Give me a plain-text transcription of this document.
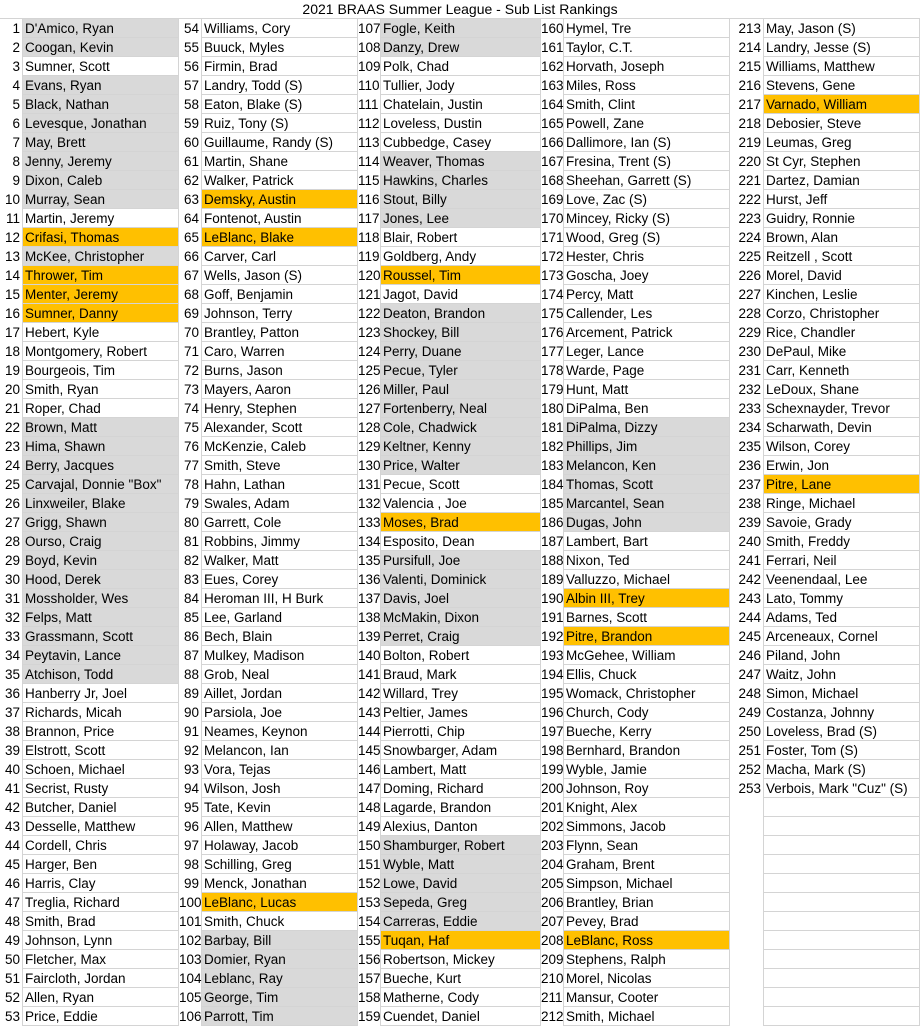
2021 BRAAS Summer League - Sub List Rankings
1 D'Amico, Ryan
2 Coogan, Kevin
3 Sumner, Scott
4 Evans, Ryan
5 Black, Nathan
6 Levesque, Jonathan
7 May, Brett
8 Jenny, Jeremy
9 Dixon, Caleb
10 Murray, Sean
11 Martin, Jeremy
12 Crifasi, Thomas
13 McKee, Christopher
14 Thrower, Tim
15 Menter, Jeremy
16 Sumner, Danny
17 Hebert, Kyle
18 Montgomery, Robert
19 Bourgeois, Tim
20 Smith, Ryan
21 Roper, Chad
22 Brown, Matt
23 Hima, Shawn
24 Berry, Jacques
25 Carvajal, Donnie "Box"
26 Linxweiler, Blake
27 Grigg, Shawn
28 Ourso, Craig
29 Boyd, Kevin
30 Hood, Derek
31 Mossholder, Wes
32 Felps, Matt
33 Grassmann, Scott
34 Peytavin, Lance
35 Atchison, Todd
36 Hanberry Jr, Joel
37 Richards, Micah
38 Brannon, Price
39 Elstrott, Scott
40 Schoen, Michael
41 Secrist, Rusty
42 Butcher, Daniel
43 Desselle, Matthew
44 Cordell, Chris
45 Harger, Ben
46 Harris, Clay
47 Treglia, Richard
48 Smith, Brad
49 Johnson, Lynn
50 Fletcher, Max
51 Faircloth, Jordan
52 Allen, Ryan
53 Price, Eddie
54 Williams, Cory
55 Buuck, Myles
56 Firmin, Brad
57 Landry, Todd (S)
58 Eaton, Blake (S)
59 Ruiz, Tony (S)
60 Guillaume, Randy (S)
61 Martin, Shane
62 Walker, Patrick
63 Demsky, Austin
64 Fontenot, Austin
65 LeBlanc, Blake
66 Carver, Carl
67 Wells, Jason (S)
68 Goff, Benjamin
69 Johnson, Terry
70 Brantley, Patton
71 Caro, Warren
72 Burns, Jason
73 Mayers, Aaron
74 Henry, Stephen
75 Alexander, Scott
76 McKenzie, Caleb
77 Smith, Steve
78 Hahn, Lathan
79 Swales, Adam
80 Garrett, Cole
81 Robbins, Jimmy
82 Walker, Matt
83 Eues, Corey
84 Heroman III, H Burk
85 Lee, Garland
86 Bech, Blain
87 Mulkey, Madison
88 Grob, Neal
89 Aillet, Jordan
90 Parsiola, Joe
91 Neames, Keynon
92 Melancon, Ian
93 Vora, Tejas
94 Wilson, Josh
95 Tate, Kevin
96 Allen, Matthew
97 Holaway, Jacob
98 Schilling, Greg
99 Menck, Jonathan
100 LeBlanc, Lucas
101 Smith, Chuck
102 Barbay, Bill
103 Domier, Ryan
104 Leblanc, Ray
105 George, Tim
106 Parrott, Tim
107 Fogle, Keith
108 Danzy, Drew
109 Polk, Chad
110 Tullier, Jody
111 Chatelain, Justin
112 Loveless, Dustin
113 Cubbedge, Casey
114 Weaver, Thomas
115 Hawkins, Charles
116 Stout, Billy
117 Jones, Lee
118 Blair, Robert
119 Goldberg, Andy
120 Roussel, Tim
121 Jagot, David
122 Deaton, Brandon
123 Shockey, Bill
124 Perry, Duane
125 Pecue, Tyler
126 Miller, Paul
127 Fortenberry, Neal
128 Cole, Chadwick
129 Keltner, Kenny
130 Price, Walter
131 Pecue, Scott
132 Valencia , Joe
133 Moses, Brad
134 Esposito, Dean
135 Pursifull, Joe
136 Valenti, Dominick
137 Davis, Joel
138 McMakin, Dixon
139 Perret, Craig
140 Bolton, Robert
141 Braud, Mark
142 Willard, Trey
143 Peltier, James
144 Pierrotti, Chip
145 Snowbarger, Adam
146 Lambert, Matt
147 Doming, Richard
148 Lagarde, Brandon
149 Alexius, Danton
150 Shamburger, Robert
151 Wyble, Matt
152 Lowe, David
153 Sepeda, Greg
154 Carreras, Eddie
155 Tuqan, Haf
156 Robertson, Mickey
157 Bueche, Kurt
158 Matherne, Cody
159 Cuendet, Daniel
160 Hymel, Tre
161 Taylor, C.T.
162 Horvath, Joseph
163 Miles, Ross
164 Smith, Clint
165 Powell, Zane
166 Dallimore, Ian (S)
167 Fresina, Trent (S)
168 Sheehan, Garrett (S)
169 Love, Zac (S)
170 Mincey, Ricky (S)
171 Wood, Greg (S)
172 Hester, Chris
173 Goscha, Joey
174 Percy, Matt
175 Callender, Les
176 Arcement, Patrick
177 Leger, Lance
178 Warde, Page
179 Hunt, Matt
180 DiPalma, Ben
181 DiPalma, Dizzy
182 Phillips, Jim
183 Melancon, Ken
184 Thomas, Scott
185 Marcantel, Sean
186 Dugas, John
187 Lambert, Bart
188 Nixon, Ted
189 Valluzzo, Michael
190 Albin III, Trey
191 Barnes, Scott
192 Pitre, Brandon
193 McGehee, William
194 Ellis, Chuck
195 Womack, Christopher
196 Church, Cody
197 Bueche, Kerry
198 Bernhard, Brandon
199 Wyble, Jamie
200 Johnson, Roy
201 Knight, Alex
202 Simmons, Jacob
203 Flynn, Sean
204 Graham, Brent
205 Simpson, Michael
206 Brantley, Brian
207 Pevey, Brad
208 LeBlanc, Ross
209 Stephens, Ralph
210 Morel, Nicolas
211 Mansur, Cooter
212 Smith, Michael
213 May, Jason (S)
214 Landry, Jesse (S)
215 Williams, Matthew
216 Stevens, Gene
217 Varnado, William
218 Debosier, Steve
219 Leumas, Greg
220 St Cyr, Stephen
221 Dartez, Damian
222 Hurst, Jeff
223 Guidry, Ronnie
224 Brown, Alan
225 Reitzell , Scott
226 Morel, David
227 Kinchen, Leslie
228 Corzo, Christopher
229 Rice, Chandler
230 DePaul, Mike
231 Carr, Kenneth
232 LeDoux, Shane
233 Schexnayder, Trevor
234 Scharwath, Devin
235 Wilson, Corey
236 Erwin, Jon
237 Pitre, Lane
238 Ringe, Michael
239 Savoie, Grady
240 Smith, Freddy
241 Ferrari, Neil
242 Veenendaal, Lee
243 Lato, Tommy
244 Adams, Ted
245 Arceneaux, Cornel
246 Piland, John
247 Waitz, John
248 Simon, Michael
249 Costanza, Johnny
250 Loveless, Brad (S)
251 Foster, Tom (S)
252 Macha, Mark (S)
253 Verbois, Mark "Cuz" (S)
